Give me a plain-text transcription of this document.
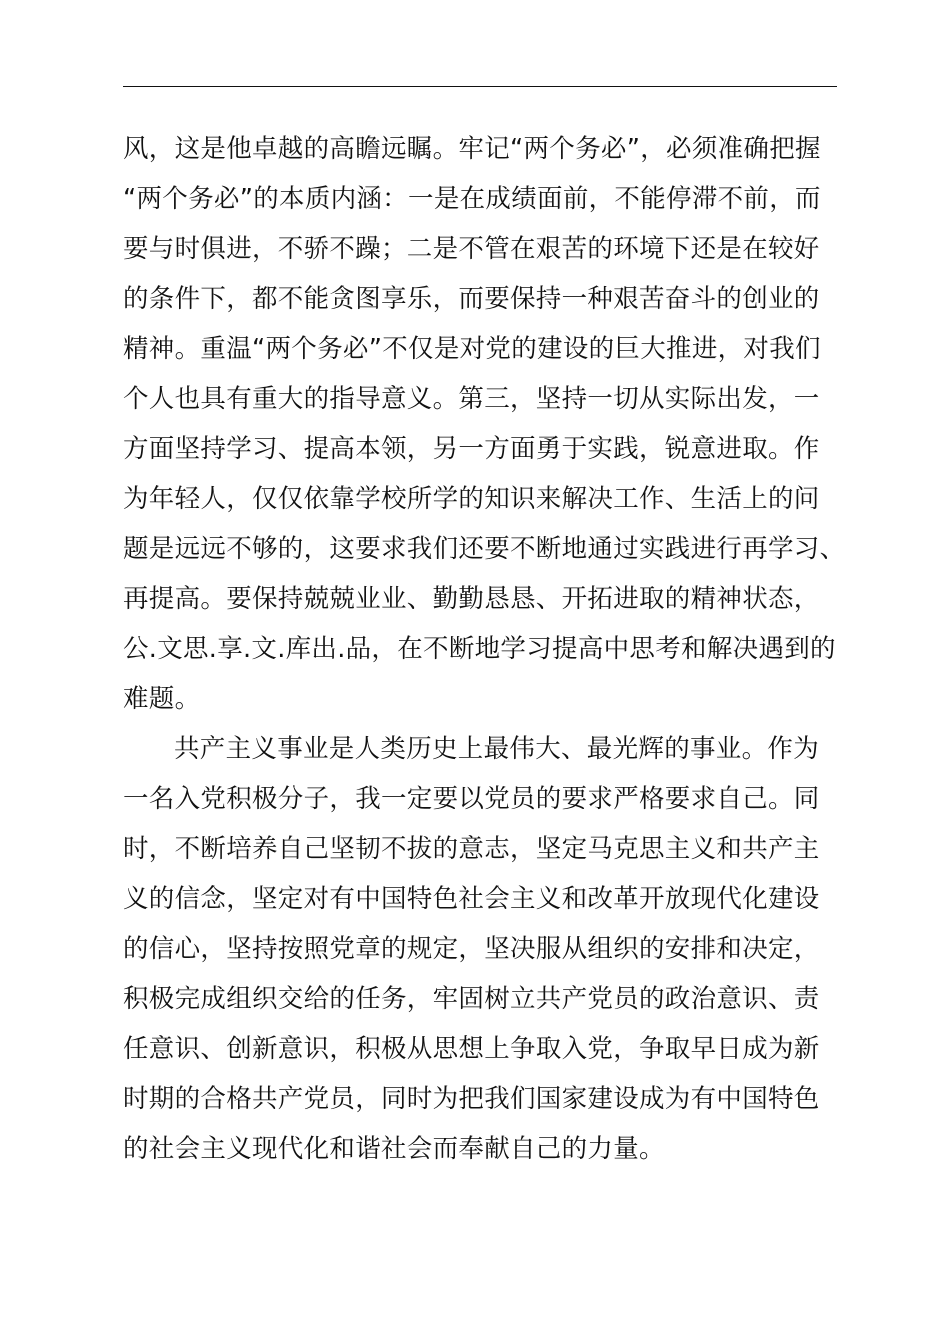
风，这是他卓越的高瞻远瞩。牢记“两个务必”，必须准确把握
“两个务必”的本质内涵：一是在成绩面前，不能停滞不前，而
要与时俱进，不骄不躁；二是不管在艰苦的环境下还是在较好
的条件下，都不能贪图享乐，而要保持一种艰苦奋斗的创业的
精神。重温“两个务必”不仅是对党的建设的巨大推进，对我们
个人也具有重大的指导意义。第三，坚持一切从实际出发，一
方面坚持学习、提高本领，另一方面勇于实践，锐意进取。作
为年轻人，仅仅依靠学校所学的知识来解决工作、生活上的问
题是远远不够的，这要求我们还要不断地通过实践进行再学习、
再提高。要保持兢兢业业、勤勤恳恳、开拓进取的精神状态，
公.文思.享.文.库出.品，在不断地学习提高中思考和解决遇到的
难题。
共产主义事业是人类历史上最伟大、最光辉的事业。作为
一名入党积极分子，我一定要以党员的要求严格要求自己。同
时，不断培养自己坚韧不拔的意志，坚定马克思主义和共产主
义的信念，坚定对有中国特色社会主义和改革开放现代化建设
的信心，坚持按照党章的规定，坚决服从组织的安排和决定，
积极完成组织交给的任务，牢固树立共产党员的政治意识、责
任意识、创新意识，积极从思想上争取入党，争取早日成为新
时期的合格共产党员，同时为把我们国家建设成为有中国特色
的社会主义现代化和谐社会而奉献自己的力量。
